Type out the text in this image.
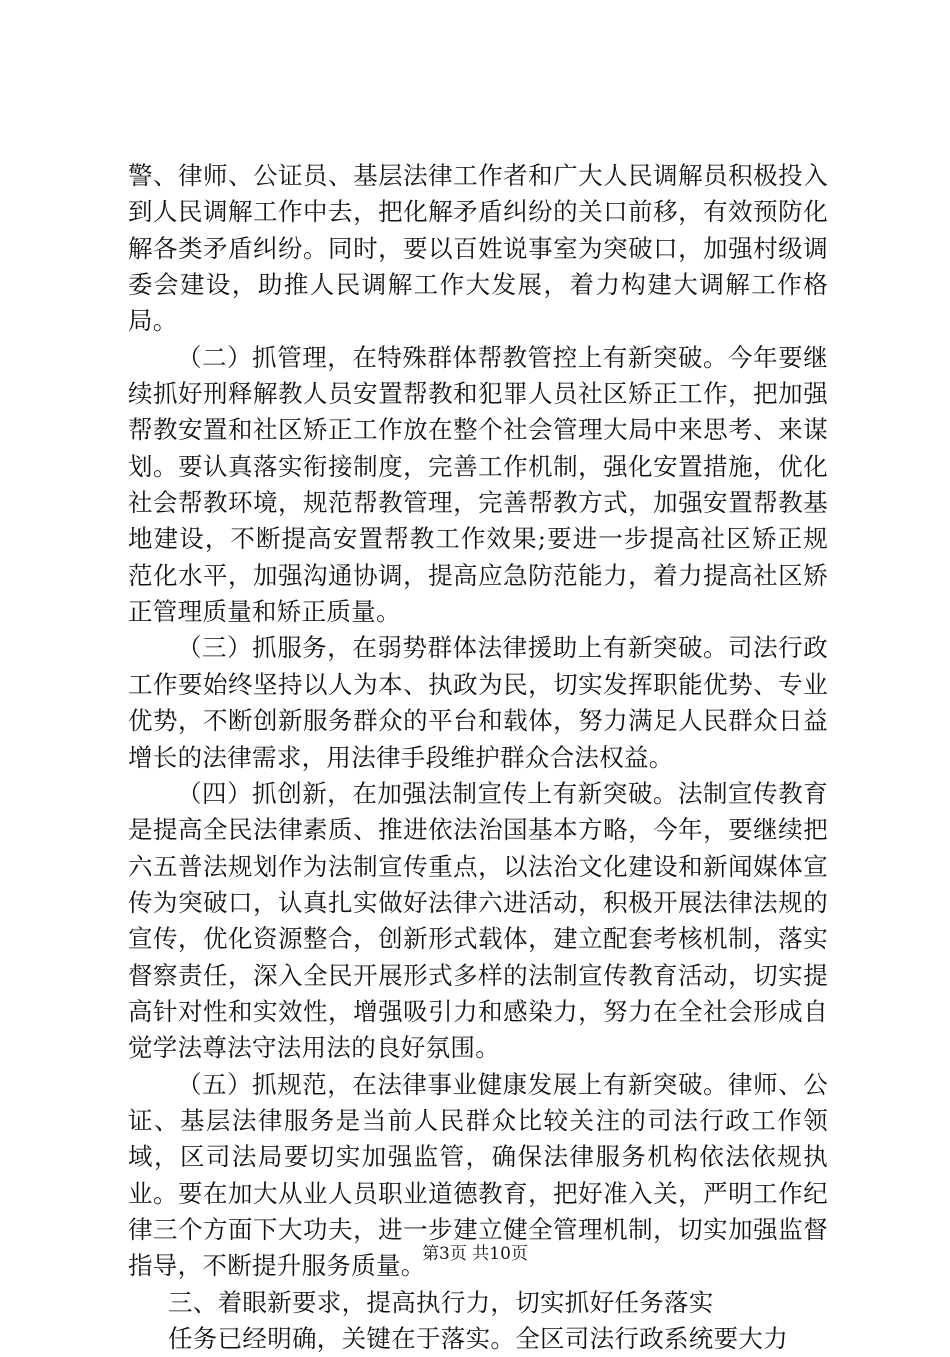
警、律师、公证员、基层法律工作者和广大人民调解员积极投入到人民调解工作中去，把化解矛盾纠纷的关口前移，有效预防化解各类矛盾纠纷。同时，要以百姓说事室为突破口，加强村级调委会建设，助推人民调解工作大发展，着力构建大调解工作格局。

（二）抓管理，在特殊群体帮教管控上有新突破。今年要继续抓好刑释解教人员安置帮教和犯罪人员社区矫正工作，把加强帮教安置和社区矫正工作放在整个社会管理大局中来思考、来谋划。要认真落实衔接制度，完善工作机制，强化安置措施，优化社会帮教环境，规范帮教管理，完善帮教方式，加强安置帮教基地建设，不断提高安置帮教工作效果;要进一步提高社区矫正规范化水平，加强沟通协调，提高应急防范能力，着力提高社区矫正管理质量和矫正质量。

（三）抓服务，在弱势群体法律援助上有新突破。司法行政工作要始终坚持以人为本、执政为民，切实发挥职能优势、专业优势，不断创新服务群众的平台和载体，努力满足人民群众日益增长的法律需求，用法律手段维护群众合法权益。

（四）抓创新，在加强法制宣传上有新突破。法制宣传教育是提高全民法律素质、推进依法治国基本方略，今年，要继续把六五普法规划作为法制宣传重点，以法治文化建设和新闻媒体宣传为突破口，认真扎实做好法律六进活动，积极开展法律法规的宣传，优化资源整合，创新形式载体，建立配套考核机制，落实督察责任，深入全民开展形式多样的法制宣传教育活动，切实提高针对性和实效性，增强吸引力和感染力，努力在全社会形成自觉学法尊法守法用法的良好氛围。

（五）抓规范，在法律事业健康发展上有新突破。律师、公证、基层法律服务是当前人民群众比较关注的司法行政工作领域，区司法局要切实加强监管，确保法律服务机构依法依规执业。要在加大从业人员职业道德教育，把好准入关，严明工作纪律三个方面下大功夫，进一步建立健全管理机制，切实加强监督指导，不断提升服务质量。

三、着眼新要求，提高执行力，切实抓好任务落实

任务已经明确，关键在于落实。全区司法行政系统要大力

第3页 共10页
